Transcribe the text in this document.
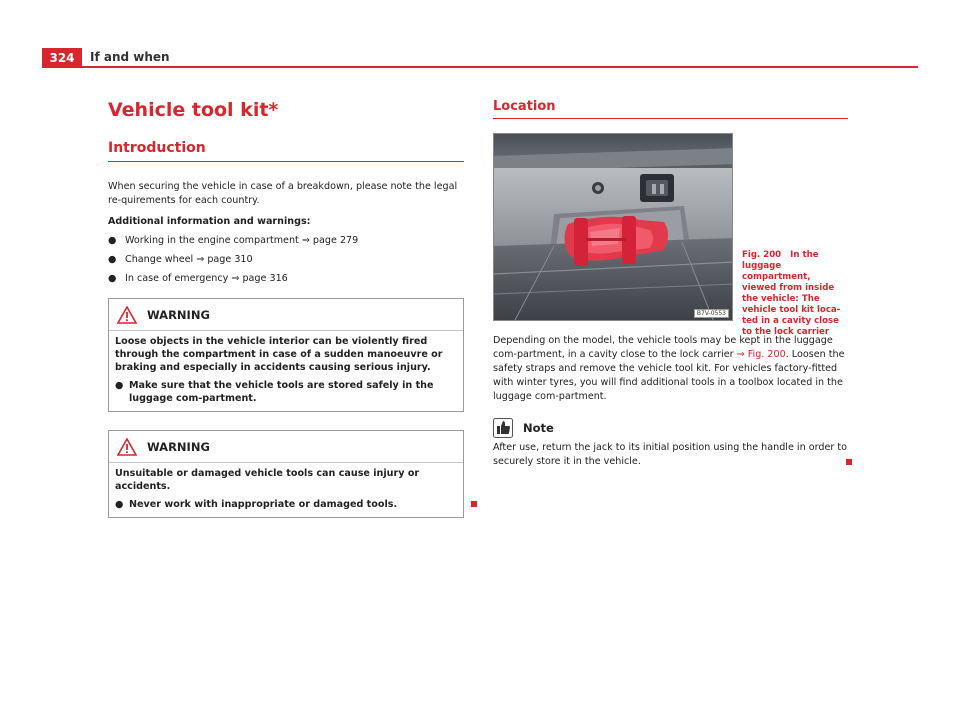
324	If and when
Vehicle tool kit*
Introduction

When securing the vehicle in case of a breakdown, please note the legal re-quirements for each country.

Additional information and warnings:

● Working in the engine compartment ⇒ page 279
● Change wheel ⇒ page 310
● In case of emergency ⇒ page 316
WARNING

Loose objects in the vehicle interior can be violently fired through the compartment in case of a sudden manoeuvre or braking and especially in accidents causing serious injury.

● Make sure that the vehicle tools are stored safely in the luggage com-partment.

WARNING

Unsuitable or damaged vehicle tools can cause injury or accidents.

● Never work with inappropriate or damaged tools.

Location
B7V-0553
Fig. 200 In the luggage compartment, viewed from inside the vehicle: The vehicle tool kit loca-ted in a cavity close to the lock carrier

Depending on the model, the vehicle tools may be kept in the luggage com-partment, in a cavity close to the lock carrier ⇒ Fig. 200. Loosen the safety straps and remove the vehicle tool kit. For vehicles factory-fitted with winter tyres, you will find additional tools in a toolbox located in the luggage com-partment.

Note

After use, return the jack to its initial position using the handle in order to securely store it in the vehicle.
